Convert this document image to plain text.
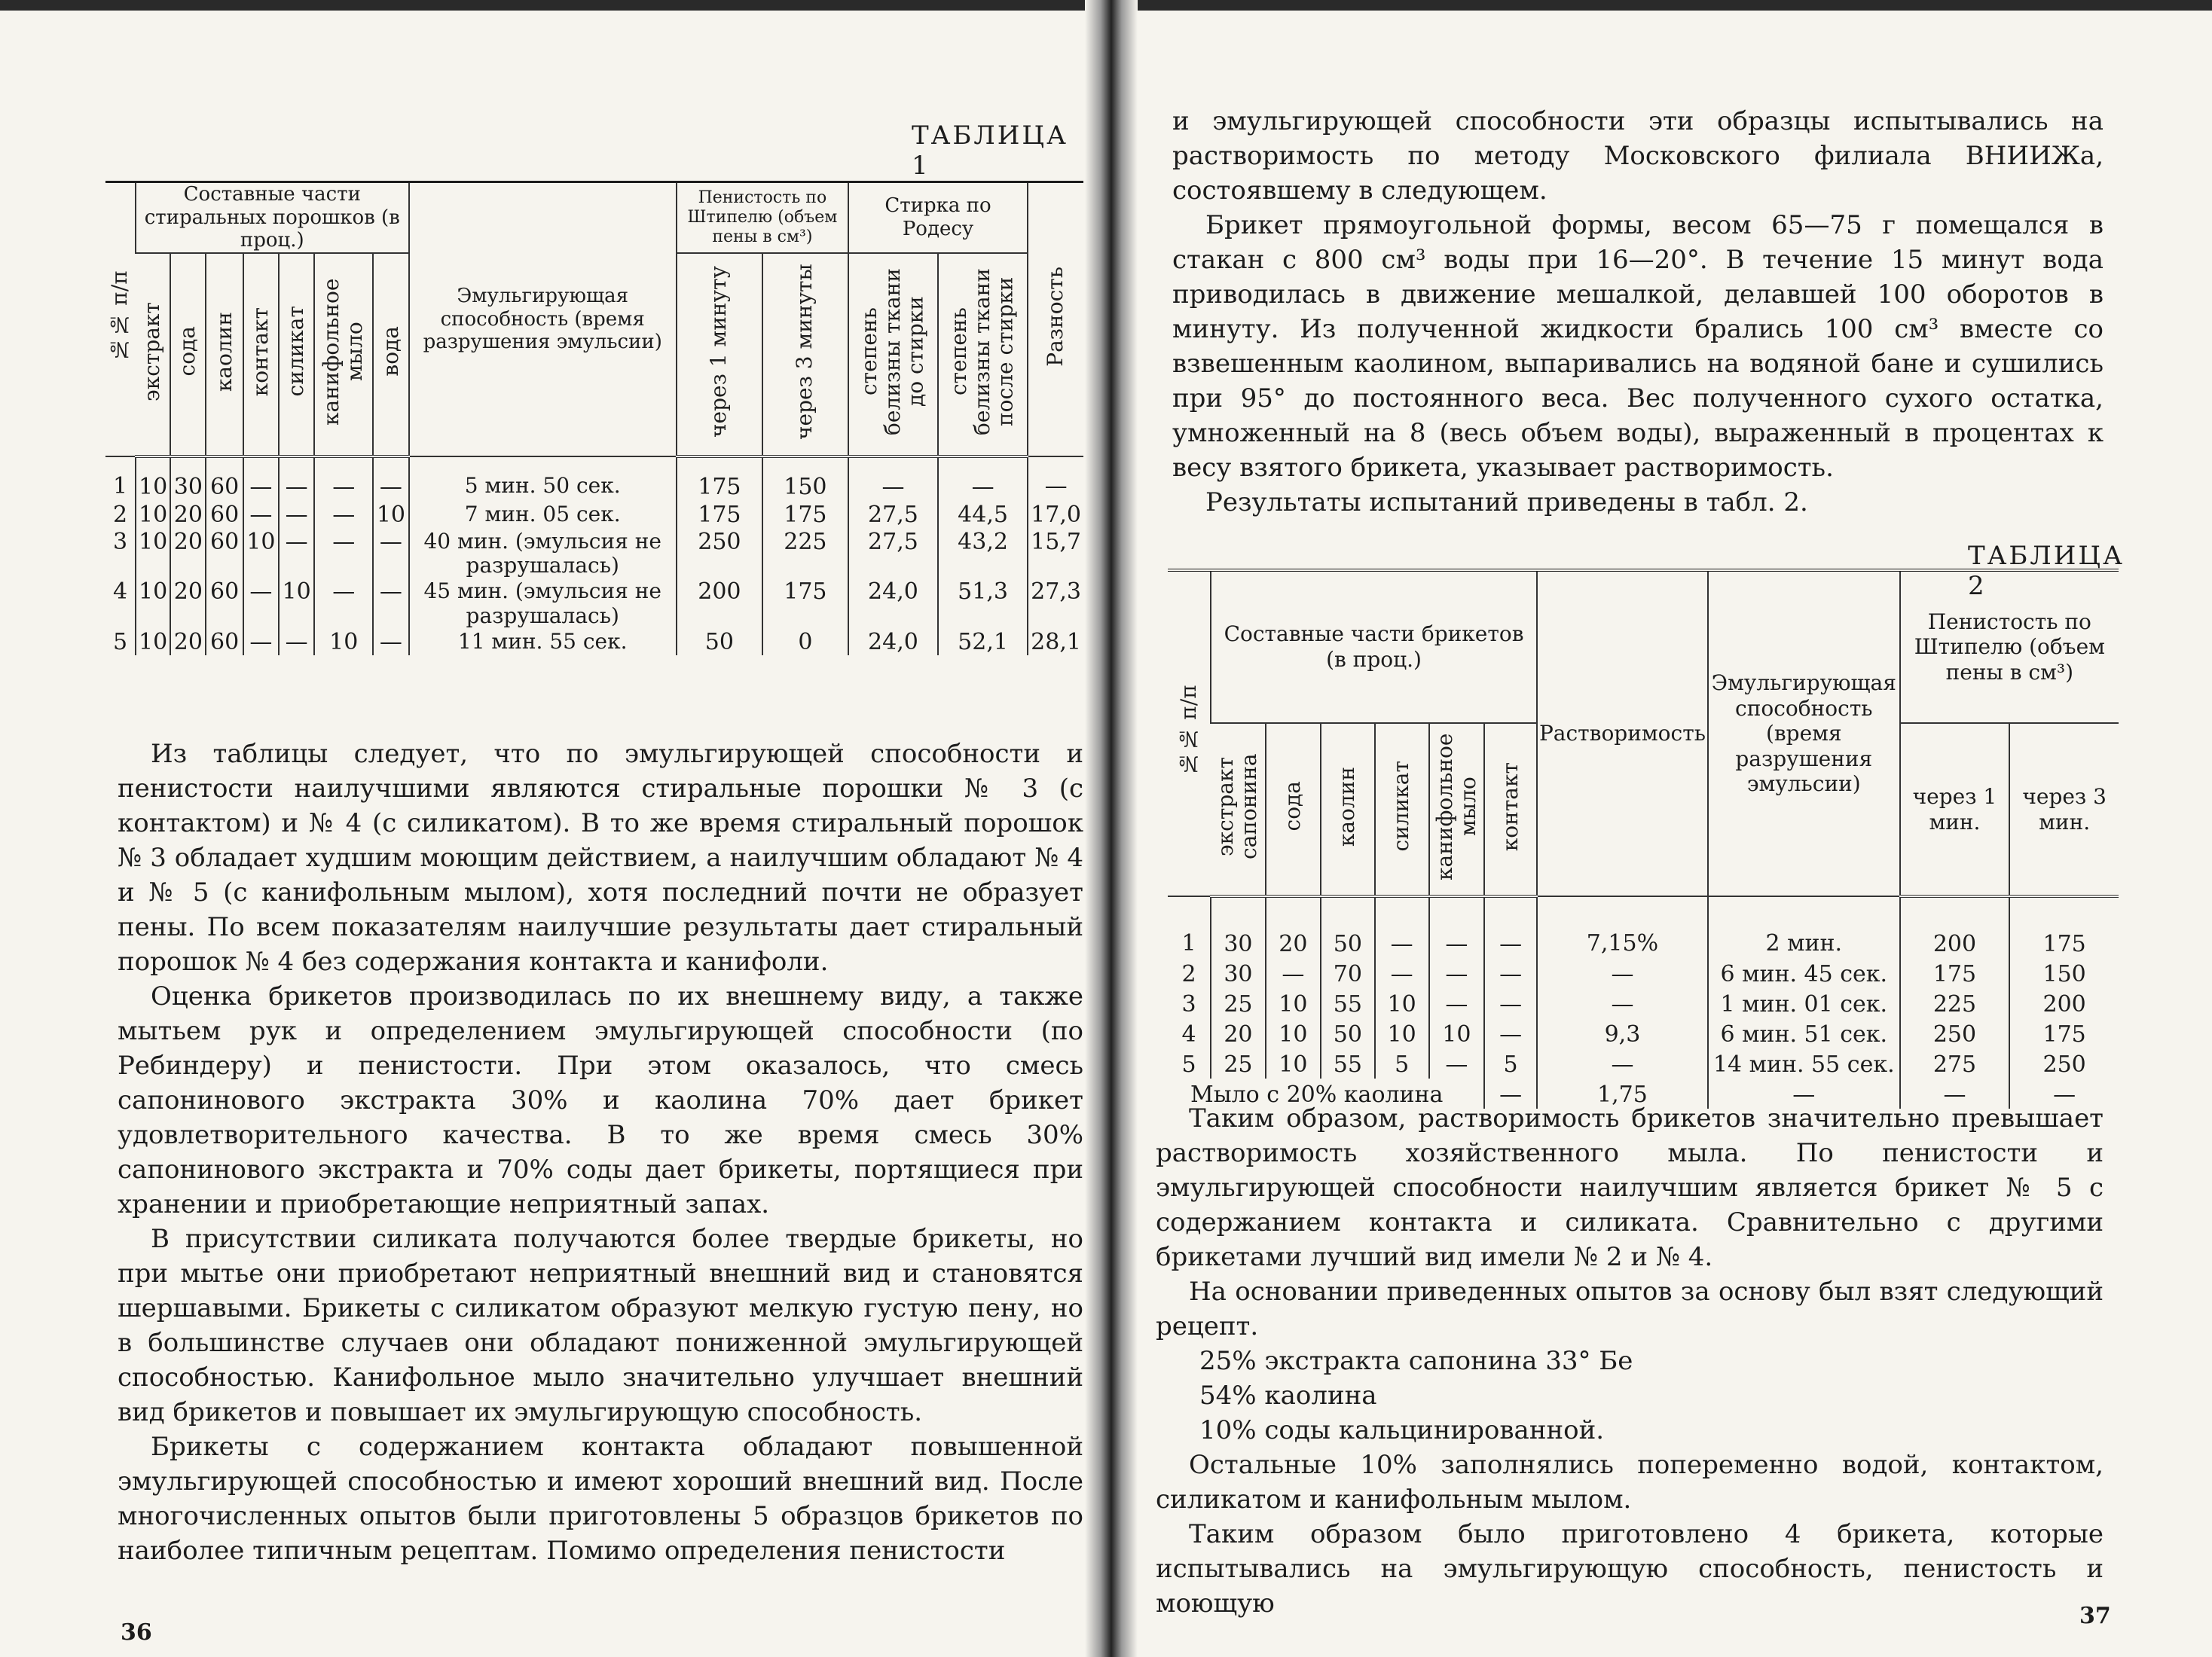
ТАБЛИЦА 1
№№ п/п	Составные части стиральных порошков (в проц.)							Эмульгирующая способность (время разрушения эмульсии)	Пенистость по Штипелю (объем пены в см³)		Стирка по Родесу		Разность
	экстракт	сода	каолин	контакт	силикат	канифольное мыло	вода		через 1 минуту	через 3 минуты	степень белизны ткани до стирки	степень белизны ткани после стирки	
1	10	30	60	—	—	—	—	5 мин. 50 сек.	175	150	—	—	—
2	10	20	60	—	—	—	10	7 мин. 05 сек.	175	175	27,5	44,5	17,0
3	10	20	60	10	—	—	—	40 мин. (эмульсия не разрушалась)	250	225	27,5	43,2	15,7
4	10	20	60	—	10	—	—	45 мин. (эмульсия не разрушалась)	200	175	24,0	51,3	27,3
5	10	20	60	—	—	10	—	11 мин. 55 сек.	50	0	24,0	52,1	28,1

Из таблицы следует, что по эмульгирующей способности и пенистости наилучшими являются стиральные порошки № 3 (с контактом) и № 4 (с силикатом). В то же время стиральный порошок № 3 обладает худшим моющим действием, а наилучшим обладают № 4 и № 5 (с канифольным мылом), хотя последний почти не образует пены. По всем показателям наилучшие результаты дает стиральный порошок № 4 без содержания контакта и канифоли.

Оценка брикетов производилась по их внешнему виду, а также мытьем рук и определением эмульгирующей способности (по Ребиндеру) и пенистости. При этом оказалось, что смесь сапонинового экстракта 30% и каолина 70% дает брикет удовлетворительного качества. В то же время смесь 30% сапонинового экстракта и 70% соды дает брикеты, портящиеся при хранении и приобретающие неприятный запах.

В присутствии силиката получаются более твердые брикеты, но при мытье они приобретают неприятный внешний вид и становятся шершавыми. Брикеты с силикатом образуют мелкую густую пену, но в большинстве случаев они обладают пониженной эмульгирующей способностью. Канифольное мыло значительно улучшает внешний вид брикетов и повышает их эмульгирующую способность.

Брикеты с содержанием контакта обладают повышенной эмульгирующей способностью и имеют хороший внешний вид. После многочисленных опытов были приготовлены 5 образцов брикетов по наиболее типичным рецептам. Помимо определения пенистости

36

и эмульгирующей способности эти образцы испытывались на растворимость по методу Московского филиала ВНИИЖа, состоявшему в следующем.

Брикет прямоугольной формы, весом 65—75 г помещался в стакан с 800 см³ воды при 16—20°. В течение 15 минут вода приводилась в движение мешалкой, делавшей 100 оборотов в минуту. Из полученной жидкости брались 100 см³ вместе со взвешенным каолином, выпаривались на водяной бане и сушились при 95° до постоянного веса. Вес полученного сухого остатка, умноженный на 8 (весь объем воды), выраженный в процентах к весу взятого брикета, указывает растворимость.

Результаты испытаний приведены в табл. 2.

ТАБЛИЦА 2
№№ п/п	Составные части брикетов (в проц.)						Растворимость	Эмульгирующая способность (время разрушения эмульсии)	Пенистость по Штипелю (объем пены в см³)	
	экстракт сапонина	сода	каолин	силикат	канифольное мыло	контакт			через 1 мин.	через 3 мин.
1	30	20	50	—	—	—	7,15%	2 мин.	200	175
2	30	—	70	—	—	—	—	6 мин. 45 сек.	175	150
3	25	10	55	10	—	—	—	1 мин. 01 сек.	225	200
4	20	10	50	10	10	—	9,3	6 мин. 51 сек.	250	175
5	25	10	55	5	—	5	—	14 мин. 55 сек.	275	250
Мыло с 20% каолина						—	1,75	—	—	—

Таким образом, растворимость брикетов значительно превышает растворимость хозяйственного мыла. По пенистости и эмульгирующей способности наилучшим является брикет № 5 с содержанием контакта и силиката. Сравнительно с другими брикетами лучший вид имели № 2 и № 4.

На основании приведенных опытов за основу был взят следующий рецепт.

25% экстракта сапонина 33° Бе
54% каолина
10% соды кальцинированной.

Остальные 10% заполнялись попеременно водой, контактом, силикатом и канифольным мылом.

Таким образом было приготовлено 4 брикета, которые испытывались на эмульгирующую способность, пенистость и моющую	37
